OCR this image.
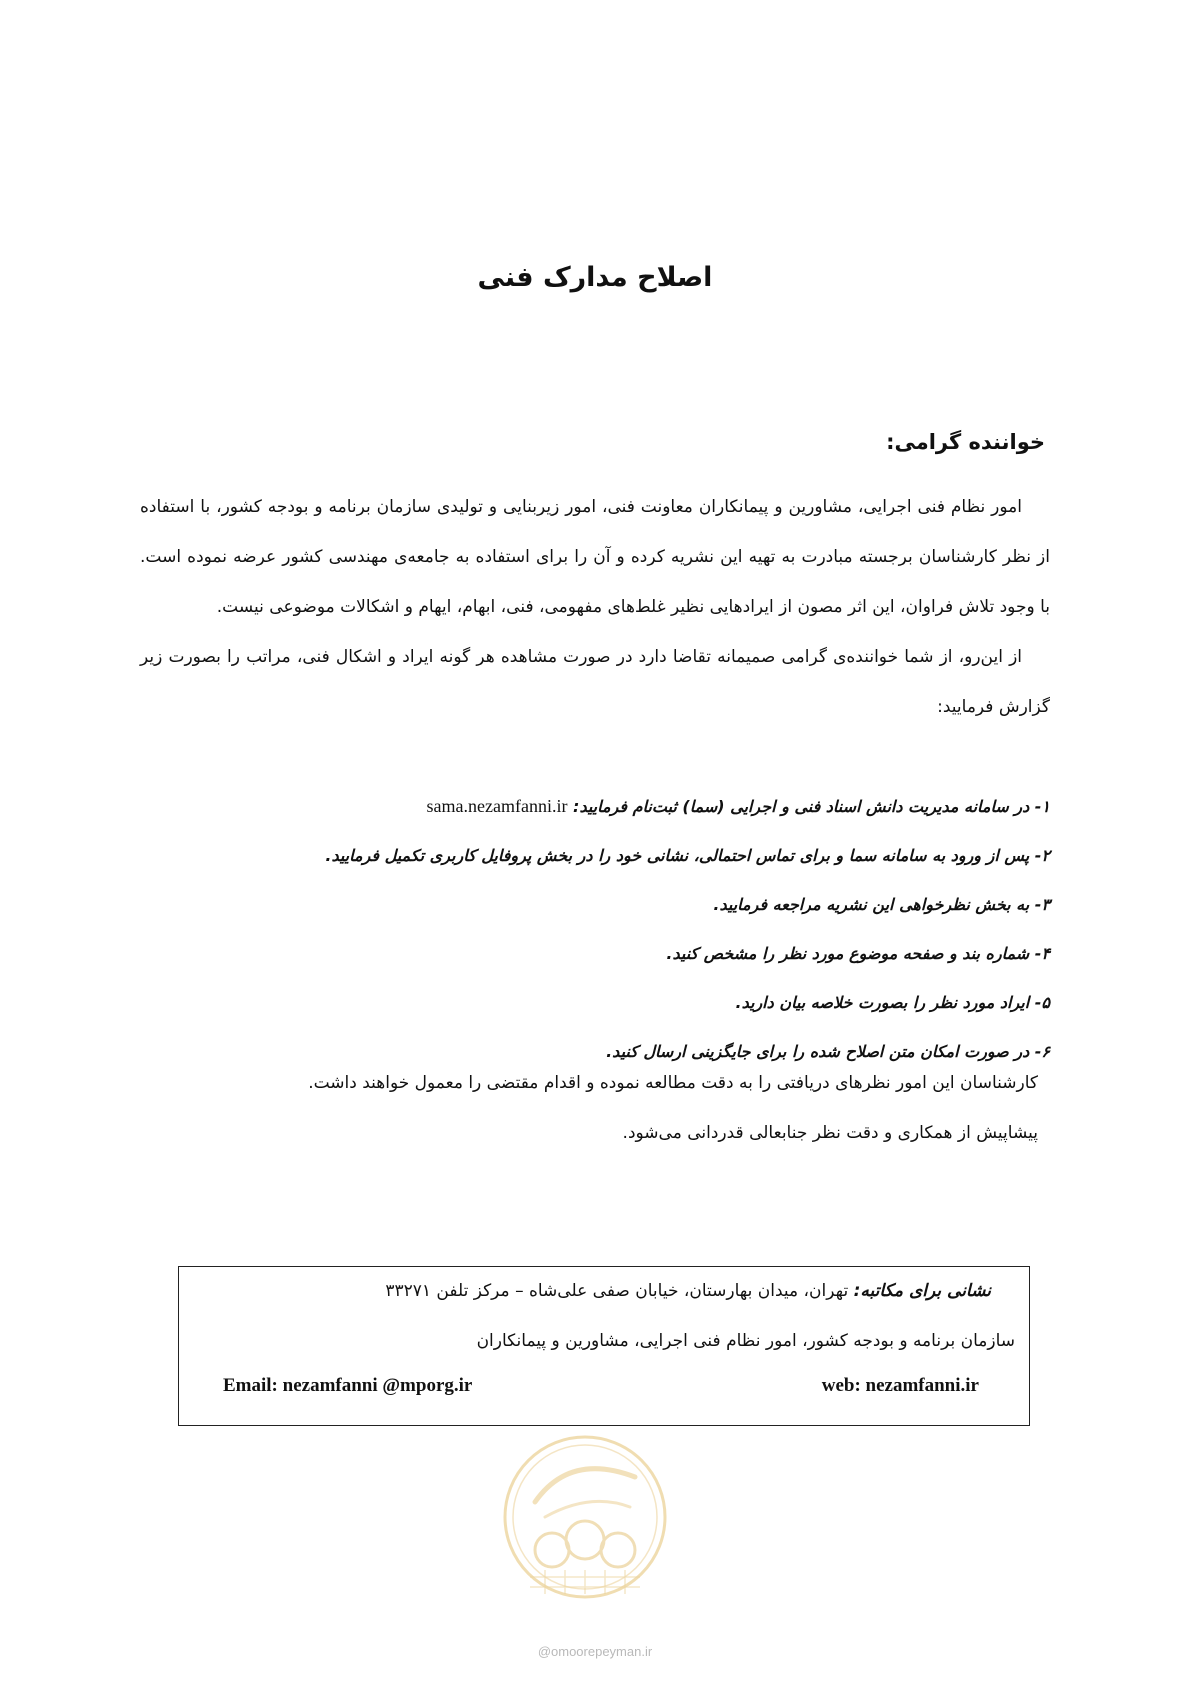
اصلاح مدارک فنی
خواننده گرامی:

امور نظام فنی اجرایی، مشاورین و پیمانکاران معاونت فنی، امور زیربنایی و تولیدی سازمان برنامه و بودجه کشور، با استفاده از نظر کارشناسان برجسته مبادرت به تهیه این نشریه کرده و آن را برای استفاده به جامعه‌ی مهندسی کشور عرضه نموده است. با وجود تلاش فراوان، این اثر مصون از ایرادهایی نظیر غلط‌های مفهومی، فنی، ابهام، ایهام و اشکالات موضوعی نیست.

از این‌رو، از شما خواننده‌ی گرامی صمیمانه تقاضا دارد در صورت مشاهده هر گونه ایراد و اشکال فنی، مراتب را بصورت زیر گزارش فرمایید:

۱- در سامانه مدیریت دانش اسناد فنی و اجرایی (سما) ثبت‌نام فرمایید: sama.nezamfanni.ir
۲- پس از ورود به سامانه سما و برای تماس احتمالی، نشانی خود را در بخش پروفایل کاربری تکمیل فرمایید.
۳- به بخش نظرخواهی این نشریه مراجعه فرمایید.
۴- شماره بند و صفحه موضوع مورد نظر را مشخص کنید.
۵- ایراد مورد نظر را بصورت خلاصه بیان دارید.
۶- در صورت امکان متن اصلاح شده را برای جایگزینی ارسال کنید.

کارشناسان این امور نظرهای دریافتی را به دقت مطالعه نموده و اقدام مقتضی را معمول خواهند داشت.

پیشاپیش از همکاری و دقت نظر جنابعالی قدردانی می‌شود.

نشانی برای مکاتبه: تهران، میدان بهارستان، خیابان صفی علی‌شاه – مرکز تلفن ۳۳۲۷۱
سازمان برنامه و بودجه کشور، امور نظام فنی اجرایی، مشاورین و پیمانکاران
Email: nezamfanni @mporg.ir	web: nezamfanni.ir
@omoorepeyman.ir
